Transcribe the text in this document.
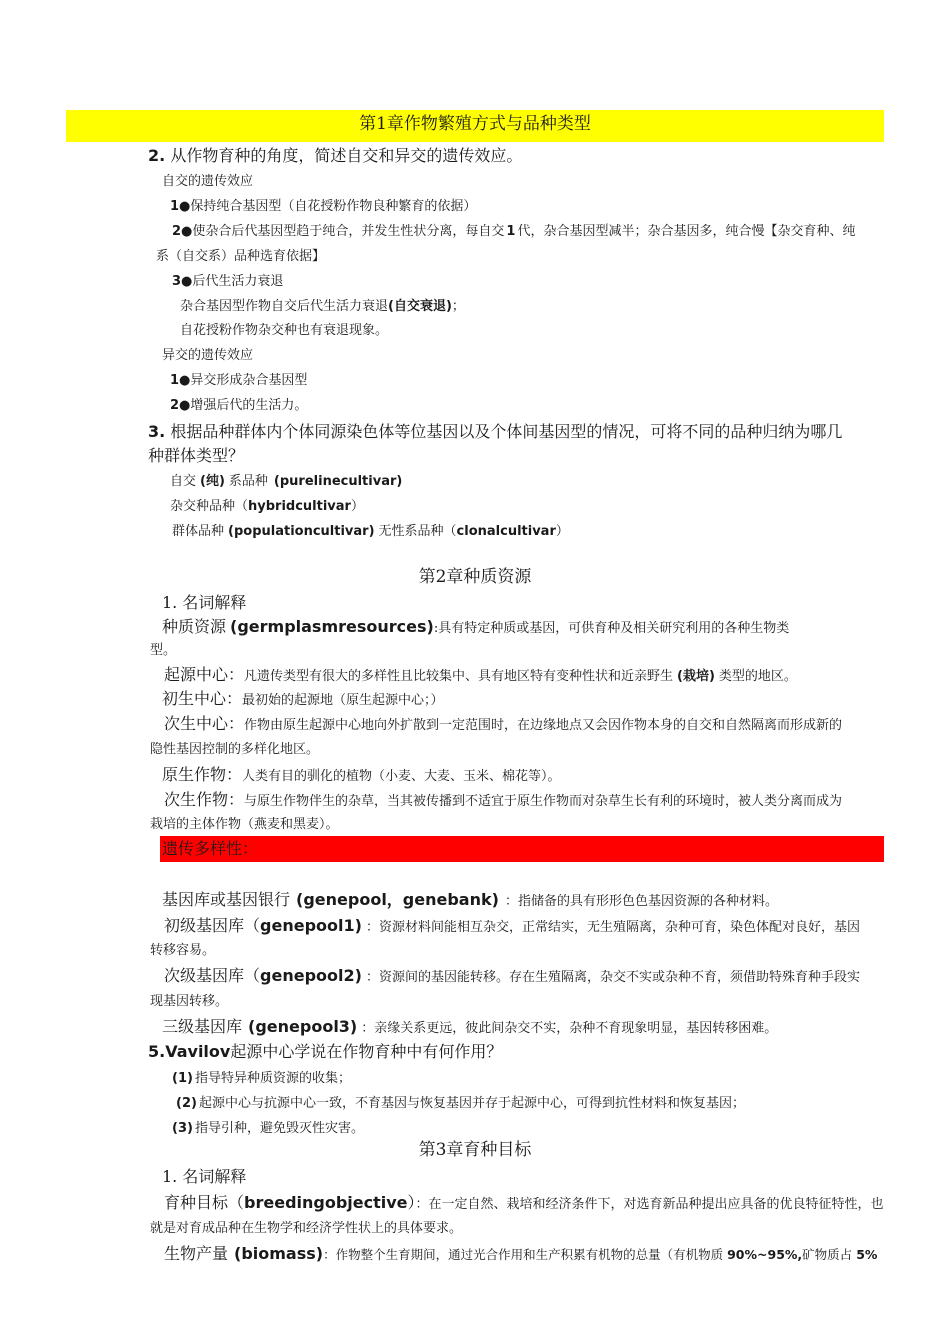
第1章作物繁殖方式与品种类型
2. 从作物育种的角度，简述自交和异交的遗传效应。
自交的遗传效应
1●保持纯合基因型（自花授粉作物良种繁育的依据）
2●使杂合后代基因型趋于纯合，并发生性状分离，每自交 1 代，杂合基因型减半；杂合基因多，纯合慢【杂交育种、纯
系（自交系）品种选育依据】
3●后代生活力衰退
杂合基因型作物自交后代生活力衰退(自交衰退)；
自花授粉作物杂交种也有衰退现象。
异交的遗传效应
1●异交形成杂合基因型
2●增强后代的生活力。
3. 根据品种群体内个体同源染色体等位基因以及个体间基因型的情况，可将不同的品种归纳为哪几
种群体类型？
自交 (纯) 系品种 (purelinecultivar)
杂交种品种（hybridcultivar）
群体品种 (populationcultivar) 无性系品种（clonalcultivar）
第2章种质资源
1. 名词解释
种质资源 (germplasmresources):具有特定种质或基因，可供育种及相关研究利用的各种生物类
型。
起源中心：凡遗传类型有很大的多样性且比较集中、具有地区特有变种性状和近亲野生 (栽培) 类型的地区。
初生中心：最初始的起源地（原生起源中心；）
次生中心：作物由原生起源中心地向外扩散到一定范围时，在边缘地点又会因作物本身的自交和自然隔离而形成新的
隐性基因控制的多样化地区。
原生作物：人类有目的驯化的植物（小麦、大麦、玉米、棉花等）。
次生作物：与原生作物伴生的杂草，当其被传播到不适宜于原生作物而对杂草生长有利的环境时，被人类分离而成为
栽培的主体作物（燕麦和黑麦）。
遗传多样性：
基因库或基因银行 (genepool，genebank) ：指储备的具有形形色色基因资源的各种材料。
初级基因库（genepool1) ：资源材料间能相互杂交，正常结实，无生殖隔离，杂种可育，染色体配对良好，基因
转移容易。
次级基因库（genepool2) ：资源间的基因能转移。存在生殖隔离，杂交不实或杂种不育，须借助特殊育种手段实
现基因转移。
三级基因库 (genepool3) ：亲缘关系更远，彼此间杂交不实，杂种不育现象明显，基因转移困难。
5.Vavilov起源中心学说在作物育种中有何作用？
(1) 指导特异种质资源的收集；
(2) 起源中心与抗源中心一致，不育基因与恢复基因并存于起源中心，可得到抗性材料和恢复基因；
(3) 指导引种，避免毁灭性灾害。
第3章育种目标
1. 名词解释
育种目标（breedingobjective）：在一定自然、栽培和经济条件下，对选育新品种提出应具备的优良特征特性，也
就是对育成品种在生物学和经济学性状上的具体要求。
生物产量 (biomass)：作物整个生育期间，通过光合作用和生产积累有机物的总量（有机物质 90%~95%,矿物质占 5%
